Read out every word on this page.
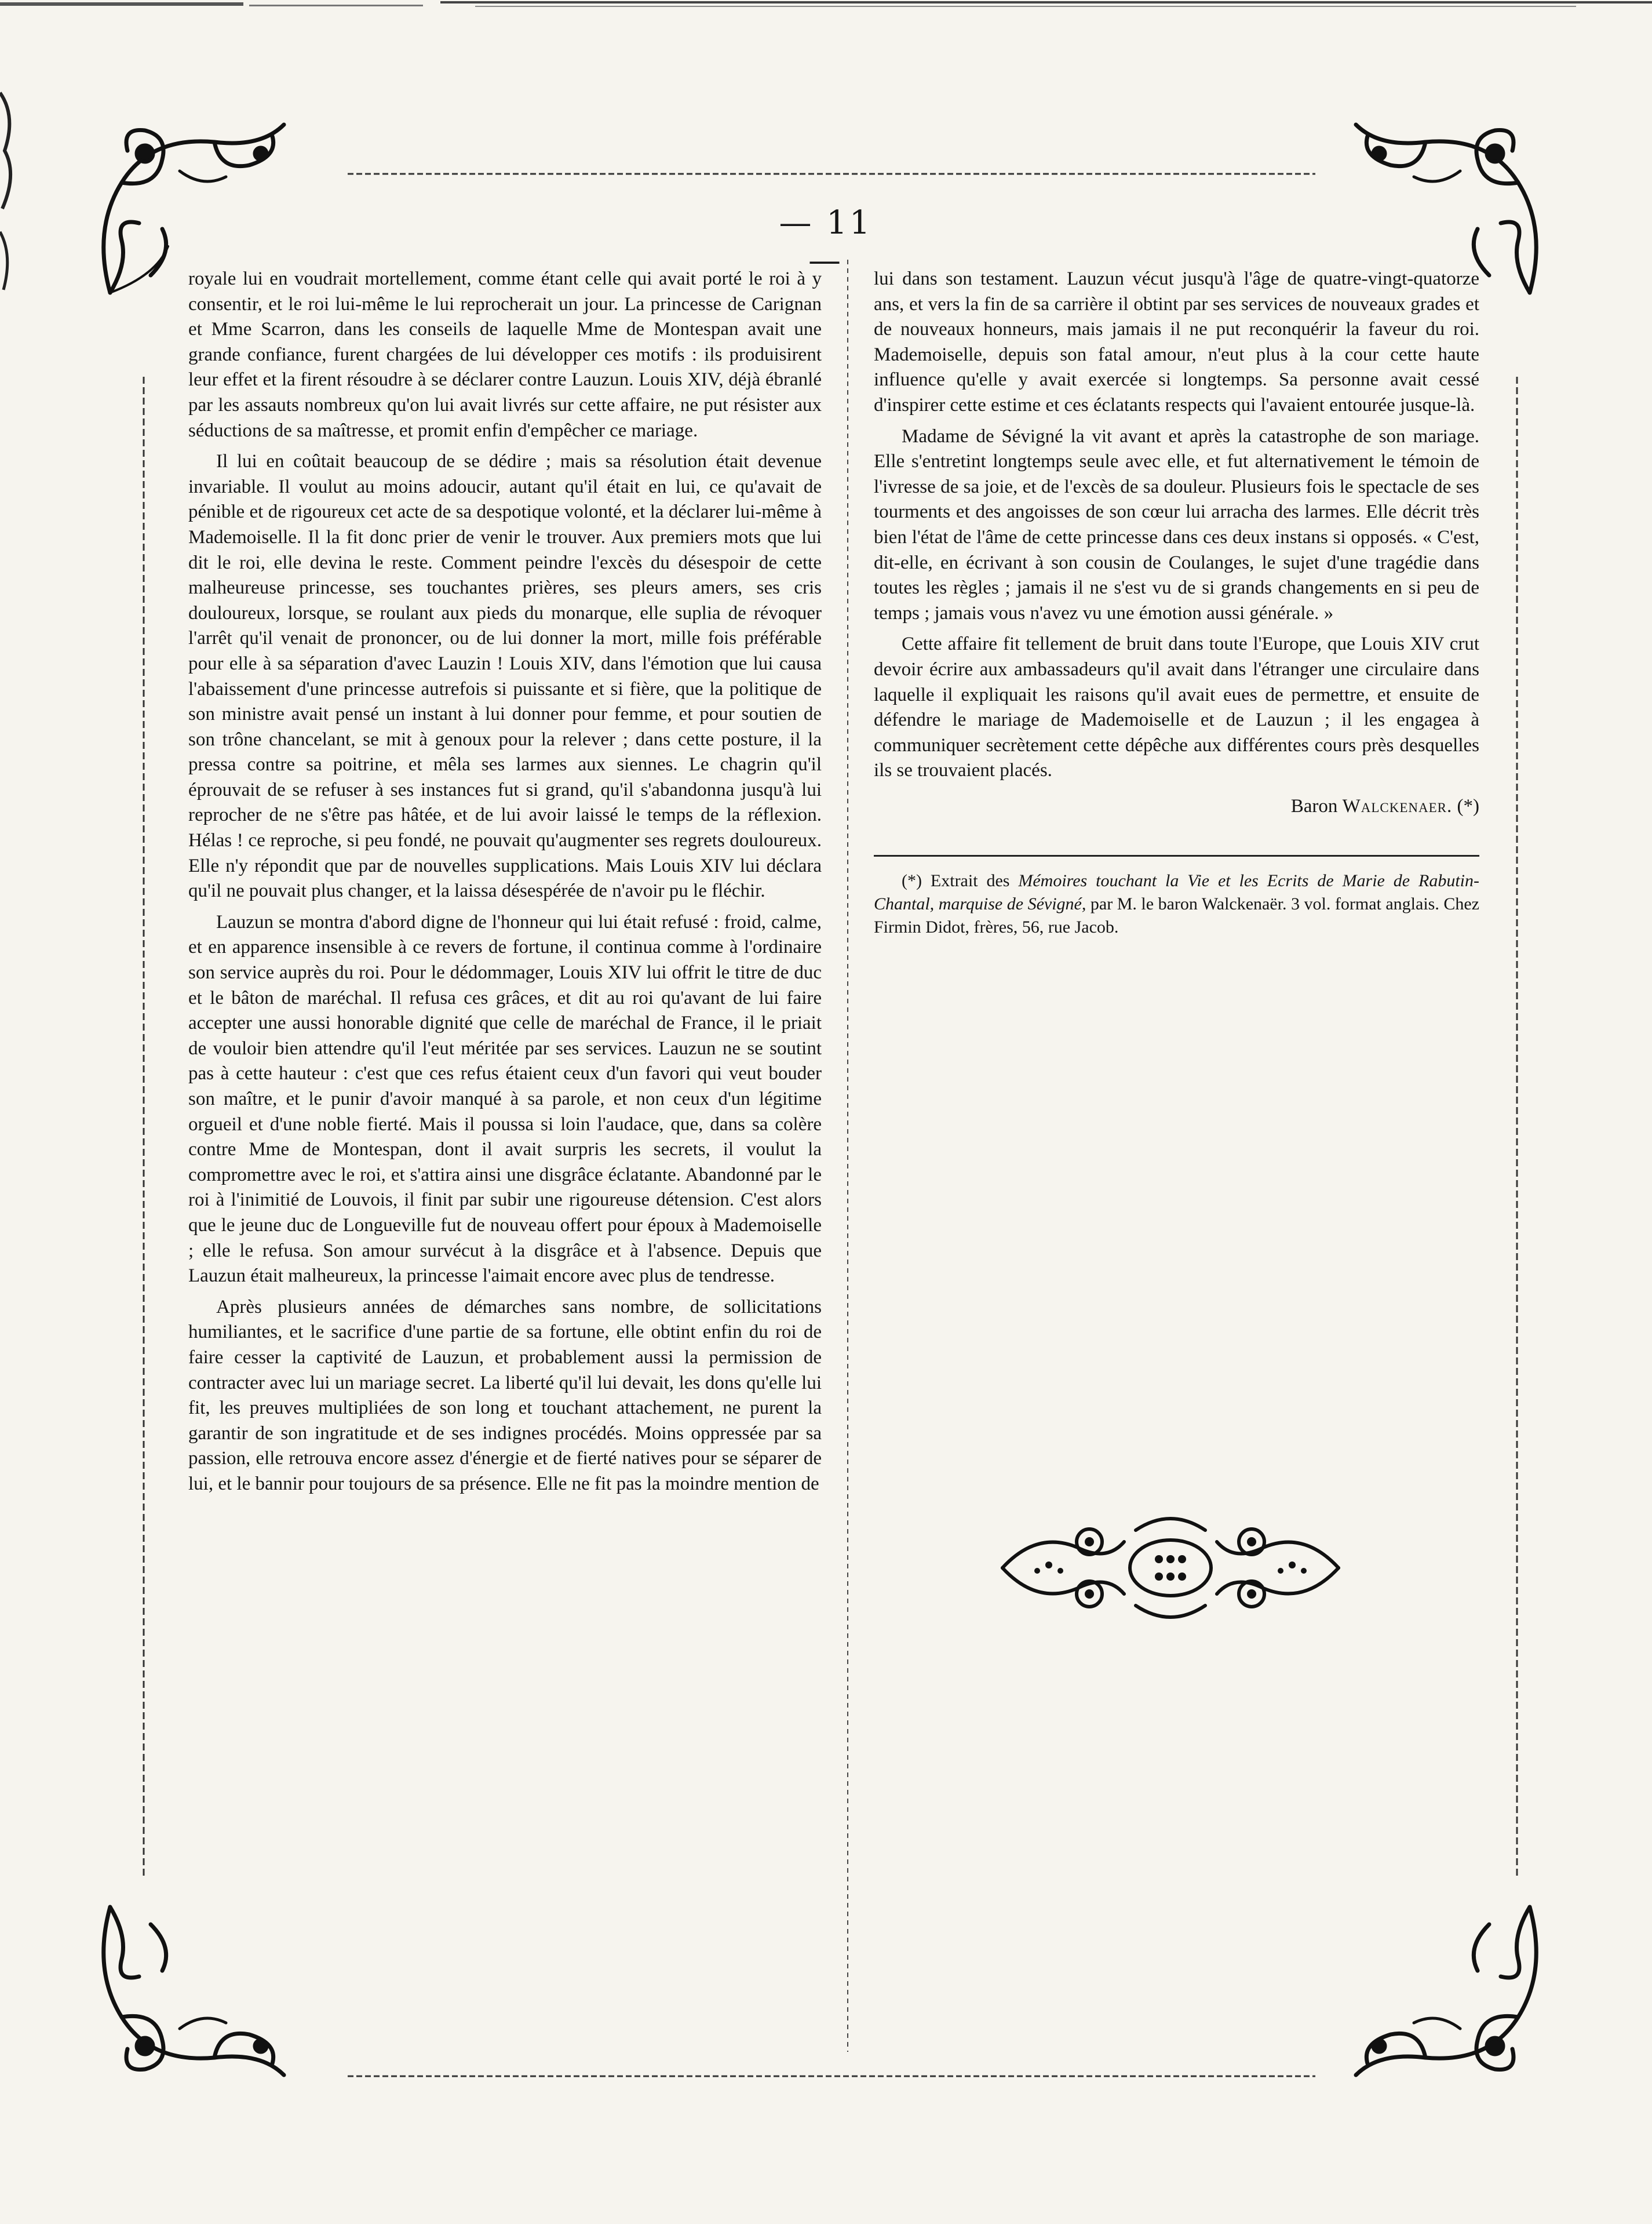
— 11 —

royale lui en voudrait mortellement, comme étant celle qui avait porté le roi à y consentir, et le roi lui-même le lui reprocherait un jour. La princesse de Carignan et Mme Scarron, dans les conseils de laquelle Mme de Montespan avait une grande confiance, furent chargées de lui développer ces motifs : ils produisirent leur effet et la firent résoudre à se déclarer contre Lauzun. Louis XIV, déjà ébranlé par les assauts nombreux qu'on lui avait livrés sur cette affaire, ne put résister aux séductions de sa maîtresse, et promit enfin d'empêcher ce mariage.

Il lui en coûtait beaucoup de se dédire ; mais sa résolution était devenue invariable. Il voulut au moins adoucir, autant qu'il était en lui, ce qu'avait de pénible et de rigoureux cet acte de sa despotique volonté, et la déclarer lui-même à Mademoiselle. Il la fit donc prier de venir le trouver. Aux premiers mots que lui dit le roi, elle devina le reste. Comment peindre l'excès du désespoir de cette malheureuse princesse, ses touchantes prières, ses pleurs amers, ses cris douloureux, lorsque, se roulant aux pieds du monarque, elle suplia de révoquer l'arrêt qu'il venait de prononcer, ou de lui donner la mort, mille fois préférable pour elle à sa séparation d'avec Lauzin ! Louis XIV, dans l'émotion que lui causa l'abaissement d'une princesse autrefois si puissante et si fière, que la politique de son ministre avait pensé un instant à lui donner pour femme, et pour soutien de son trône chancelant, se mit à genoux pour la relever ; dans cette posture, il la pressa contre sa poitrine, et mêla ses larmes aux siennes. Le chagrin qu'il éprouvait de se refuser à ses instances fut si grand, qu'il s'abandonna jusqu'à lui reprocher de ne s'être pas hâtée, et de lui avoir laissé le temps de la réflexion. Hélas ! ce reproche, si peu fondé, ne pouvait qu'augmenter ses regrets douloureux. Elle n'y répondit que par de nouvelles supplications. Mais Louis XIV lui déclara qu'il ne pouvait plus changer, et la laissa désespérée de n'avoir pu le fléchir.

Lauzun se montra d'abord digne de l'honneur qui lui était refusé : froid, calme, et en apparence insensible à ce revers de fortune, il continua comme à l'ordinaire son service auprès du roi. Pour le dédommager, Louis XIV lui offrit le titre de duc et le bâton de maréchal. Il refusa ces grâces, et dit au roi qu'avant de lui faire accepter une aussi honorable dignité que celle de maréchal de France, il le priait de vouloir bien attendre qu'il l'eut méritée par ses services. Lauzun ne se soutint pas à cette hauteur : c'est que ces refus étaient ceux d'un favori qui veut bouder son maître, et le punir d'avoir manqué à sa parole, et non ceux d'un légitime orgueil et d'une noble fierté. Mais il poussa si loin l'audace, que, dans sa colère contre Mme de Montespan, dont il avait surpris les secrets, il voulut la compromettre avec le roi, et s'attira ainsi une disgrâce éclatante. Abandonné par le roi à l'inimitié de Louvois, il finit par subir une rigoureuse détension. C'est alors que le jeune duc de Longueville fut de nouveau offert pour époux à Mademoiselle ; elle le refusa. Son amour survécut à la disgrâce et à l'absence. Depuis que Lauzun était malheureux, la princesse l'aimait encore avec plus de tendresse.

Après plusieurs années de démarches sans nombre, de sollicitations humiliantes, et le sacrifice d'une partie de sa fortune, elle obtint enfin du roi de faire cesser la captivité de Lauzun, et probablement aussi la permission de contracter avec lui un mariage secret. La liberté qu'il lui devait, les dons qu'elle lui fit, les preuves multipliées de son long et touchant attachement, ne purent la garantir de son ingratitude et de ses indignes procédés. Moins oppressée par sa passion, elle retrouva encore assez d'énergie et de fierté natives pour se séparer de lui, et le bannir pour toujours de sa présence. Elle ne fit pas la moindre mention de

lui dans son testament. Lauzun vécut jusqu'à l'âge de quatre-vingt-quatorze ans, et vers la fin de sa carrière il obtint par ses services de nouveaux grades et de nouveaux honneurs, mais jamais il ne put reconquérir la faveur du roi. Mademoiselle, depuis son fatal amour, n'eut plus à la cour cette haute influence qu'elle y avait exercée si longtemps. Sa personne avait cessé d'inspirer cette estime et ces éclatants respects qui l'avaient entourée jusque-là.

Madame de Sévigné la vit avant et après la catastrophe de son mariage. Elle s'entretint longtemps seule avec elle, et fut alternativement le témoin de l'ivresse de sa joie, et de l'excès de sa douleur. Plusieurs fois le spectacle de ses tourments et des angoisses de son cœur lui arracha des larmes. Elle décrit très bien l'état de l'âme de cette princesse dans ces deux instans si opposés. « C'est, dit-elle, en écrivant à son cousin de Coulanges, le sujet d'une tragédie dans toutes les règles ; jamais il ne s'est vu de si grands changements en si peu de temps ; jamais vous n'avez vu une émotion aussi générale. »

Cette affaire fit tellement de bruit dans toute l'Europe, que Louis XIV crut devoir écrire aux ambassadeurs qu'il avait dans l'étranger une circulaire dans laquelle il expliquait les raisons qu'il avait eues de permettre, et ensuite de défendre le mariage de Mademoiselle et de Lauzun ; il les engagea à communiquer secrètement cette dépêche aux différentes cours près desquelles ils se trouvaient placés.

Baron Walckenaer. (*)

(*) Extrait des Mémoires touchant la Vie et les Ecrits de Marie de Rabutin-Chantal, marquise de Sévigné, par M. le baron Walckenaër. 3 vol. format anglais. Chez Firmin Didot, frères, 56, rue Jacob.
